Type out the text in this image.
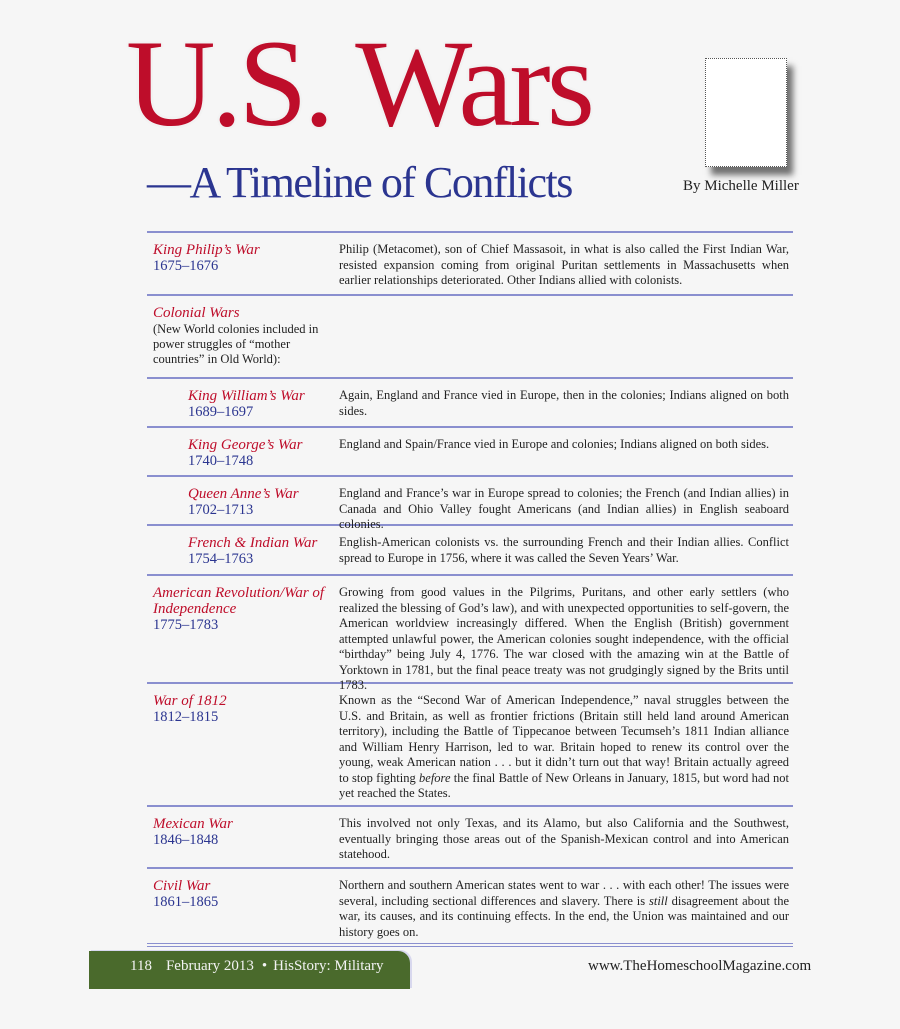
U.S. Wars
—A Timeline of Conflicts	By Michelle Miller
King Philip’s War
1675–1676
Philip (Metacomet), son of Chief Massasoit, in what is also called the First Indian War, resisted expansion coming from original Puritan settlements in Massachusetts when earlier relationships deteriorated. Other Indians allied with colonists.
Colonial Wars
(New World colonies included in power struggles of “mother countries” in Old World):
King William’s War
1689–1697
Again, England and France vied in Europe, then in the colonies; Indians aligned on both sides.
King George’s War
1740–1748
England and Spain/France vied in Europe and colonies; Indians aligned on both sides.
Queen Anne’s War
1702–1713
England and France’s war in Europe spread to colonies; the French (and Indian allies) in Canada and Ohio Valley fought Americans (and Indian allies) in English seaboard colonies.
French & Indian War
1754–1763
English-American colonists vs. the surrounding French and their Indian allies. Conflict spread to Europe in 1756, where it was called the Seven Years’ War.
American Revolution/War of Independence
1775–1783
Growing from good values in the Pilgrims, Puritans, and other early settlers (who realized the blessing of God’s law), and with unexpected opportunities to self-govern, the American worldview increasingly differed. When the English (British) government attempted unlawful power, the American colonies sought independence, with the official “birthday” being July 4, 1776. The war closed with the amazing win at the Battle of Yorktown in 1781, but the final peace treaty was not grudgingly signed by the Brits until 1783.
War of 1812
1812–1815
Known as the “Second War of American Independence,” naval struggles between the U.S. and Britain, as well as frontier frictions (Britain still held land around American territory), including the Battle of Tippecanoe between Tecumseh’s 1811 Indian alliance and William Henry Harrison, led to war. Britain hoped to renew its control over the young, weak American nation . . . but it didn’t turn out that way! Britain actually agreed to stop fighting before the final Battle of New Orleans in January, 1815, but word had not yet reached the States.
Mexican War
1846–1848
This involved not only Texas, and its Alamo, but also California and the Southwest, eventually bringing those areas out of the Spanish-Mexican control and into American statehood.
Civil War
1861–1865
Northern and southern American states went to war . . . with each other! The issues were several, including sectional differences and slavery. There is still disagreement about the war, its causes, and its continuing effects. In the end, the Union was maintained and our history goes on.
118 February 2013 • HisStory: Military	www.TheHomeschoolMagazine.com
